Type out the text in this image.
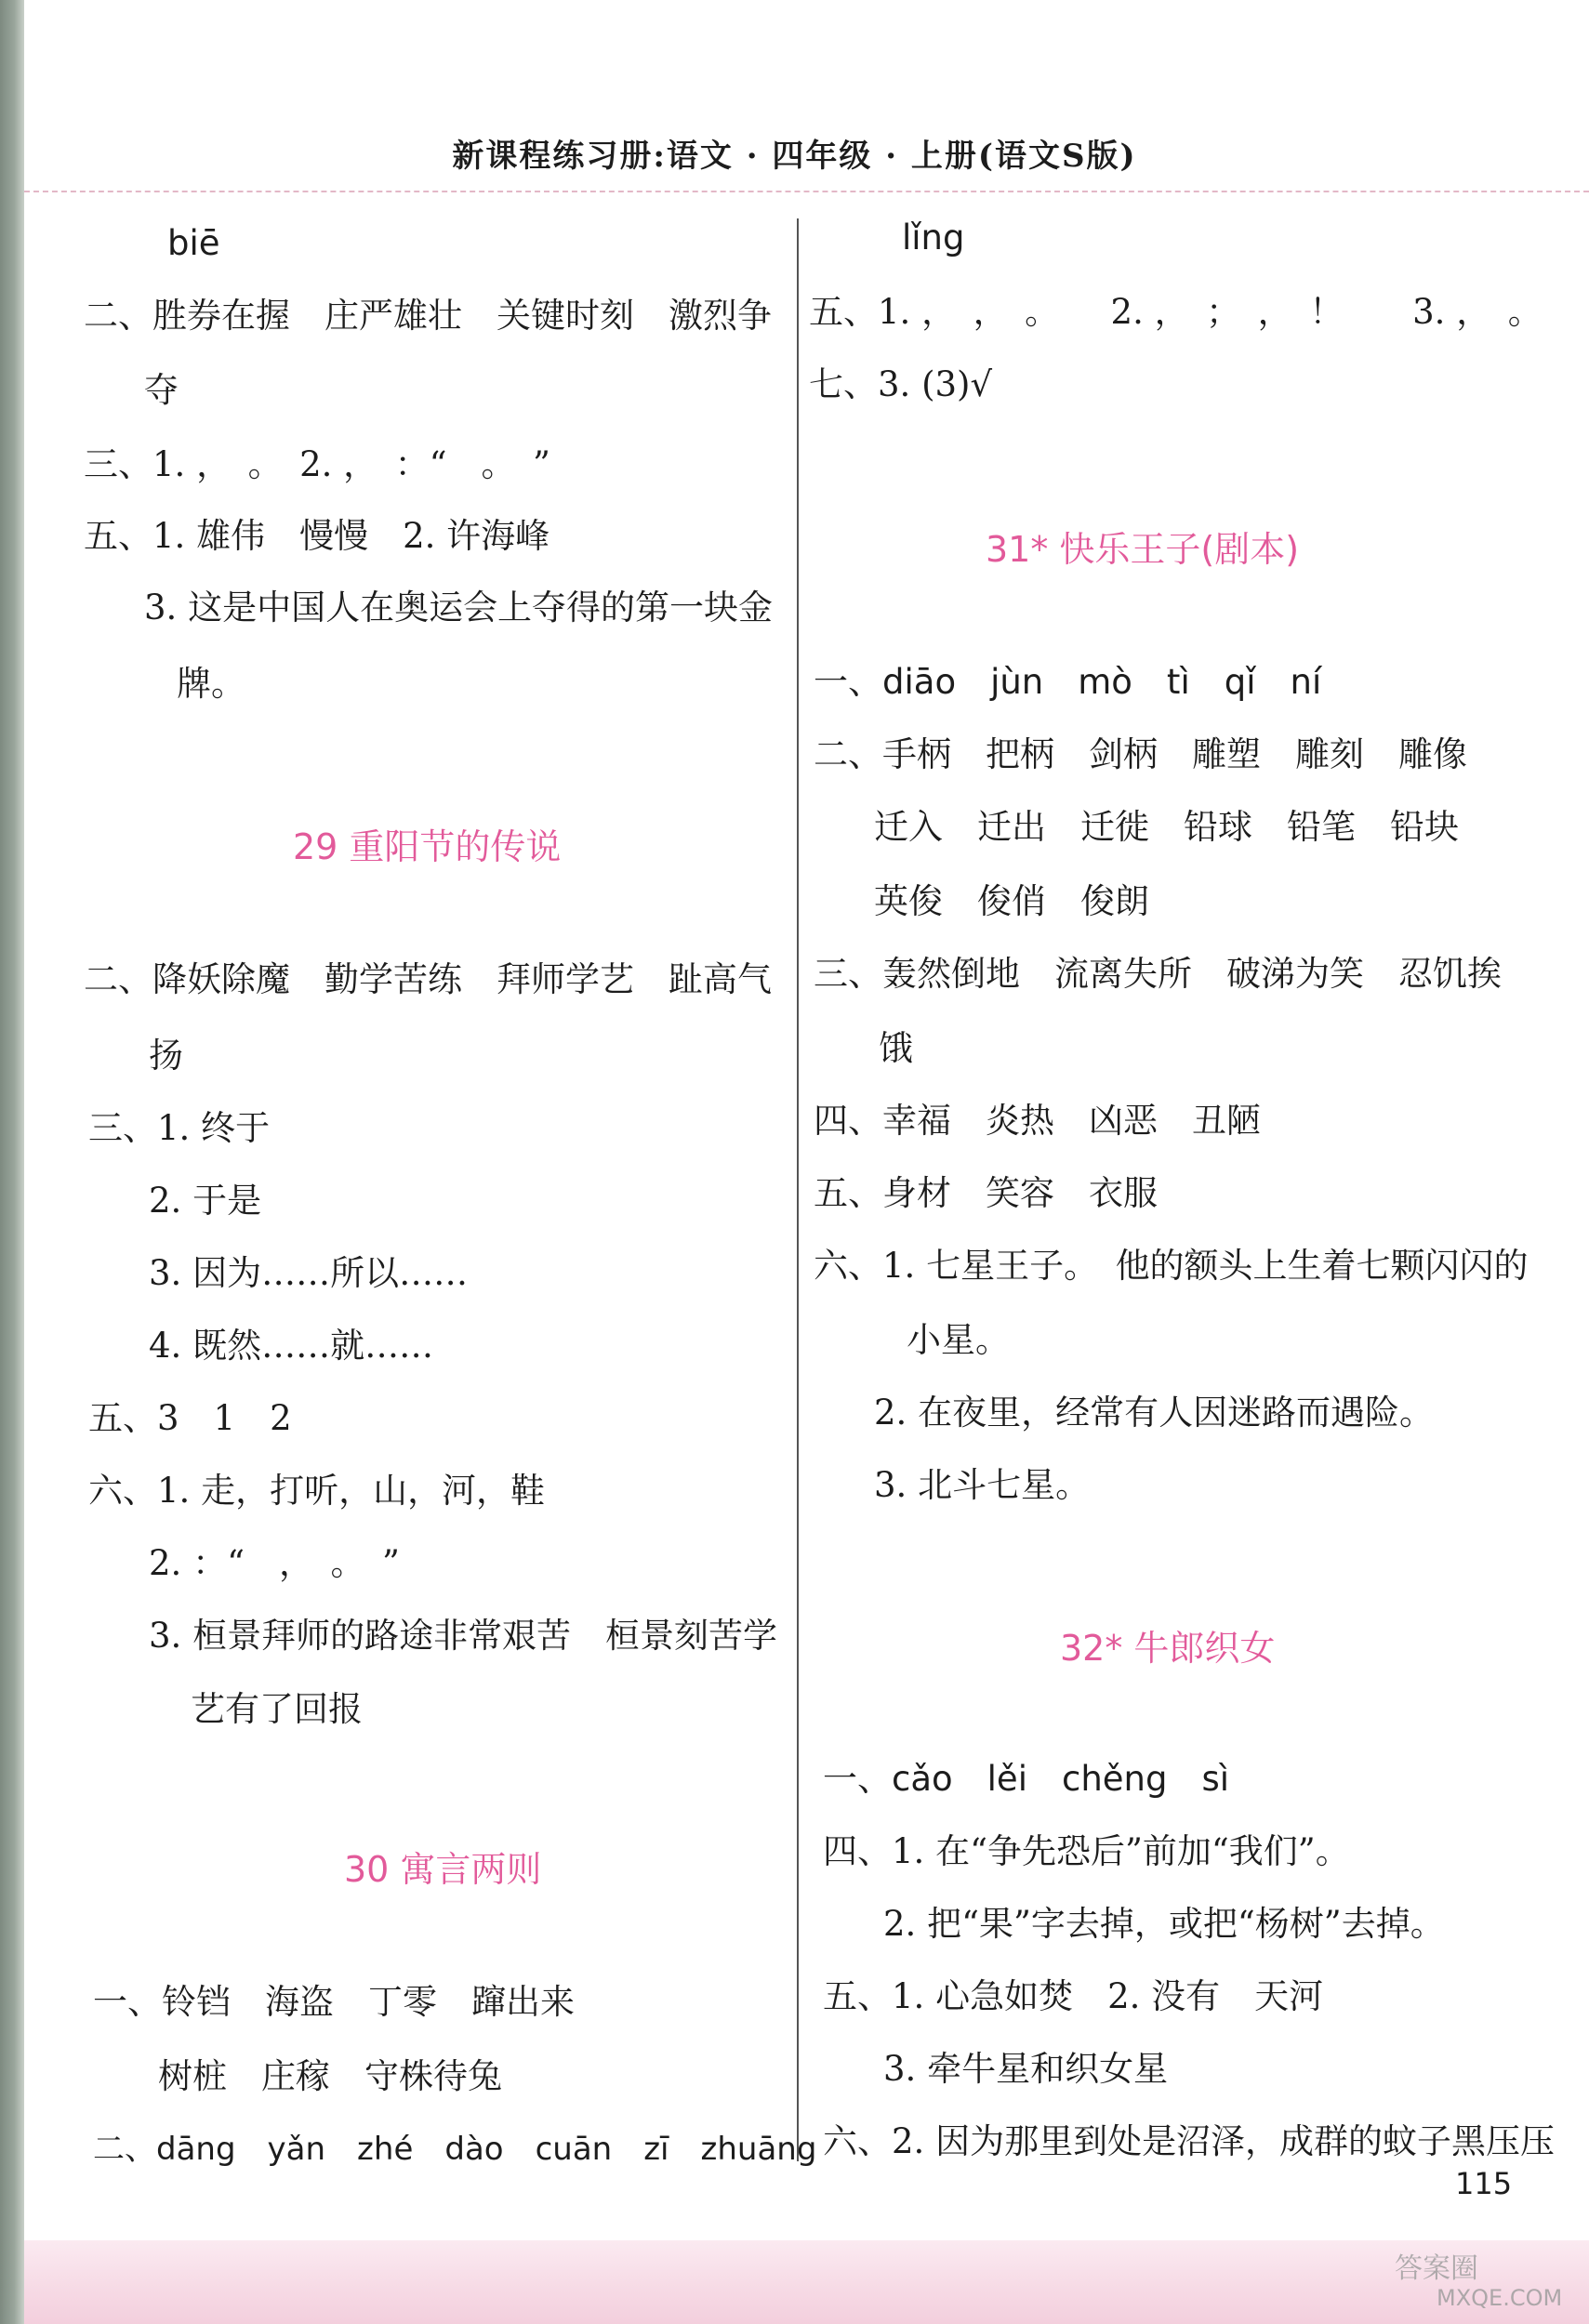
新课程练习册:语文 · 四年级 · 上册(语文S版)
biē
二、胜券在握　庄严雄壮　关键时刻　激烈争
夺
三、1. ，　。　2. ，　：“　。　”
五、1. 雄伟　慢慢　2. 许海峰
3. 这是中国人在奥运会上夺得的第一块金
牌。
29 重阳节的传说
二、降妖除魔　勤学苦练　拜师学艺　趾高气
扬
三、1. 终于
2. 于是
3. 因为……所以……
4. 既然……就……
五、3　1　2
六、1. 走，打听，山，河，鞋
2. ：“　，　。　”
3. 桓景拜师的路途非常艰苦　桓景刻苦学
艺有了回报
30 寓言两则
一、铃铛　海盗　丁零　蹿出来
树桩　庄稼　守株待兔
二、dāng　yǎn　zhé　dào　cuān　zī　zhuāng
lǐng
五、1. ，　，　。　　2. ，　；　，　！　　3. ，　。
七、3. (3)√
31* 快乐王子(剧本)
一、diāo　jùn　mò　tì　qǐ　ní
二、手柄　把柄　剑柄　雕塑　雕刻　雕像
迁入　迁出　迁徙　铅球　铅笔　铅块
英俊　俊俏　俊朗
三、轰然倒地　流离失所　破涕为笑　忍饥挨
饿
四、幸福　炎热　凶恶　丑陋
五、身材　笑容　衣服
六、1. 七星王子。　他的额头上生着七颗闪闪的
小星。
2. 在夜里，经常有人因迷路而遇险。
3. 北斗七星。
32* 牛郎织女
一、cǎo　lěi　chěng　sì
四、1. 在“争先恐后”前加“我们”。
2. 把“果”字去掉，或把“杨树”去掉。
五、1. 心急如焚　2. 没有　天河
3. 牵牛星和织女星
六、2. 因为那里到处是沼泽，成群的蚊子黑压压
115
答案圈
MXQE.COM
